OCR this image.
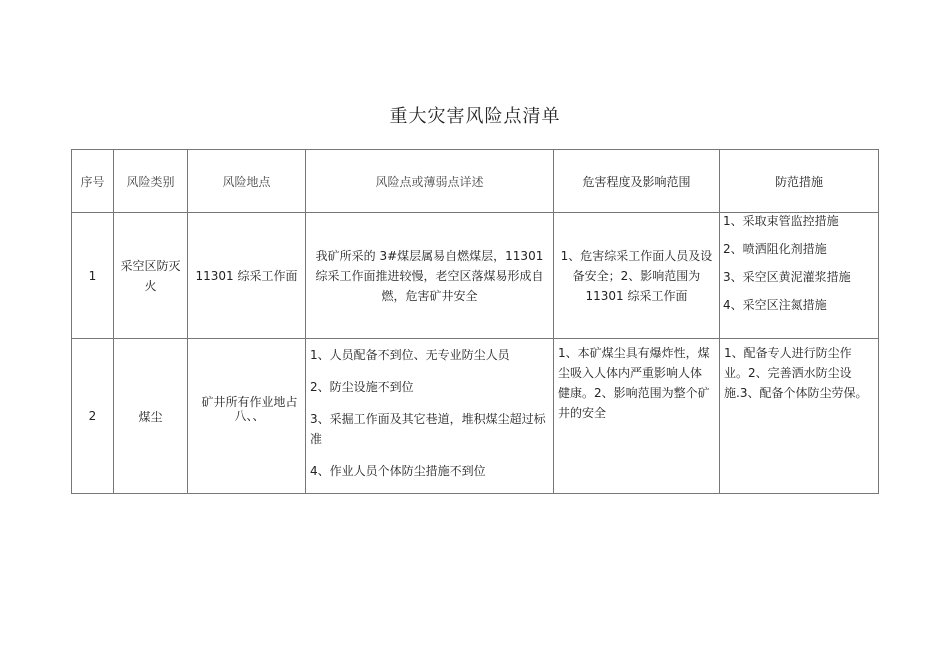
重大灾害风险点清单
序号	风险类别	风险地点	风险点或薄弱点详述	危害程度及影响范围	防范措施
1	采空区防灭火	11301 综采工作面	我矿所采的 3#煤层属易自燃煤层，11301 综采工作面推进较慢，老空区落煤易形成自燃，危害矿井安全	1、危害综采工作面人员及设备安全；2、影响范围为 11301 综采工作面	1、采取束管监控措施
2、喷洒阻化剂措施
3、采空区黄泥灌浆措施
4、采空区注氮措施

2	煤尘	矿井所有作业地占八、、	1、人员配备不到位、无专业防尘人员
2、防尘设施不到位
3、采掘工作面及其它巷道，堆积煤尘超过标准
4、作业人员个体防尘措施不到位	1、本矿煤尘具有爆炸性，煤尘吸入人体内严重影响人体健康。2、影响范围为整个矿井的安全	1、配备专人进行防尘作业。2、完善洒水防尘设施.3、配备个体防尘劳保。
